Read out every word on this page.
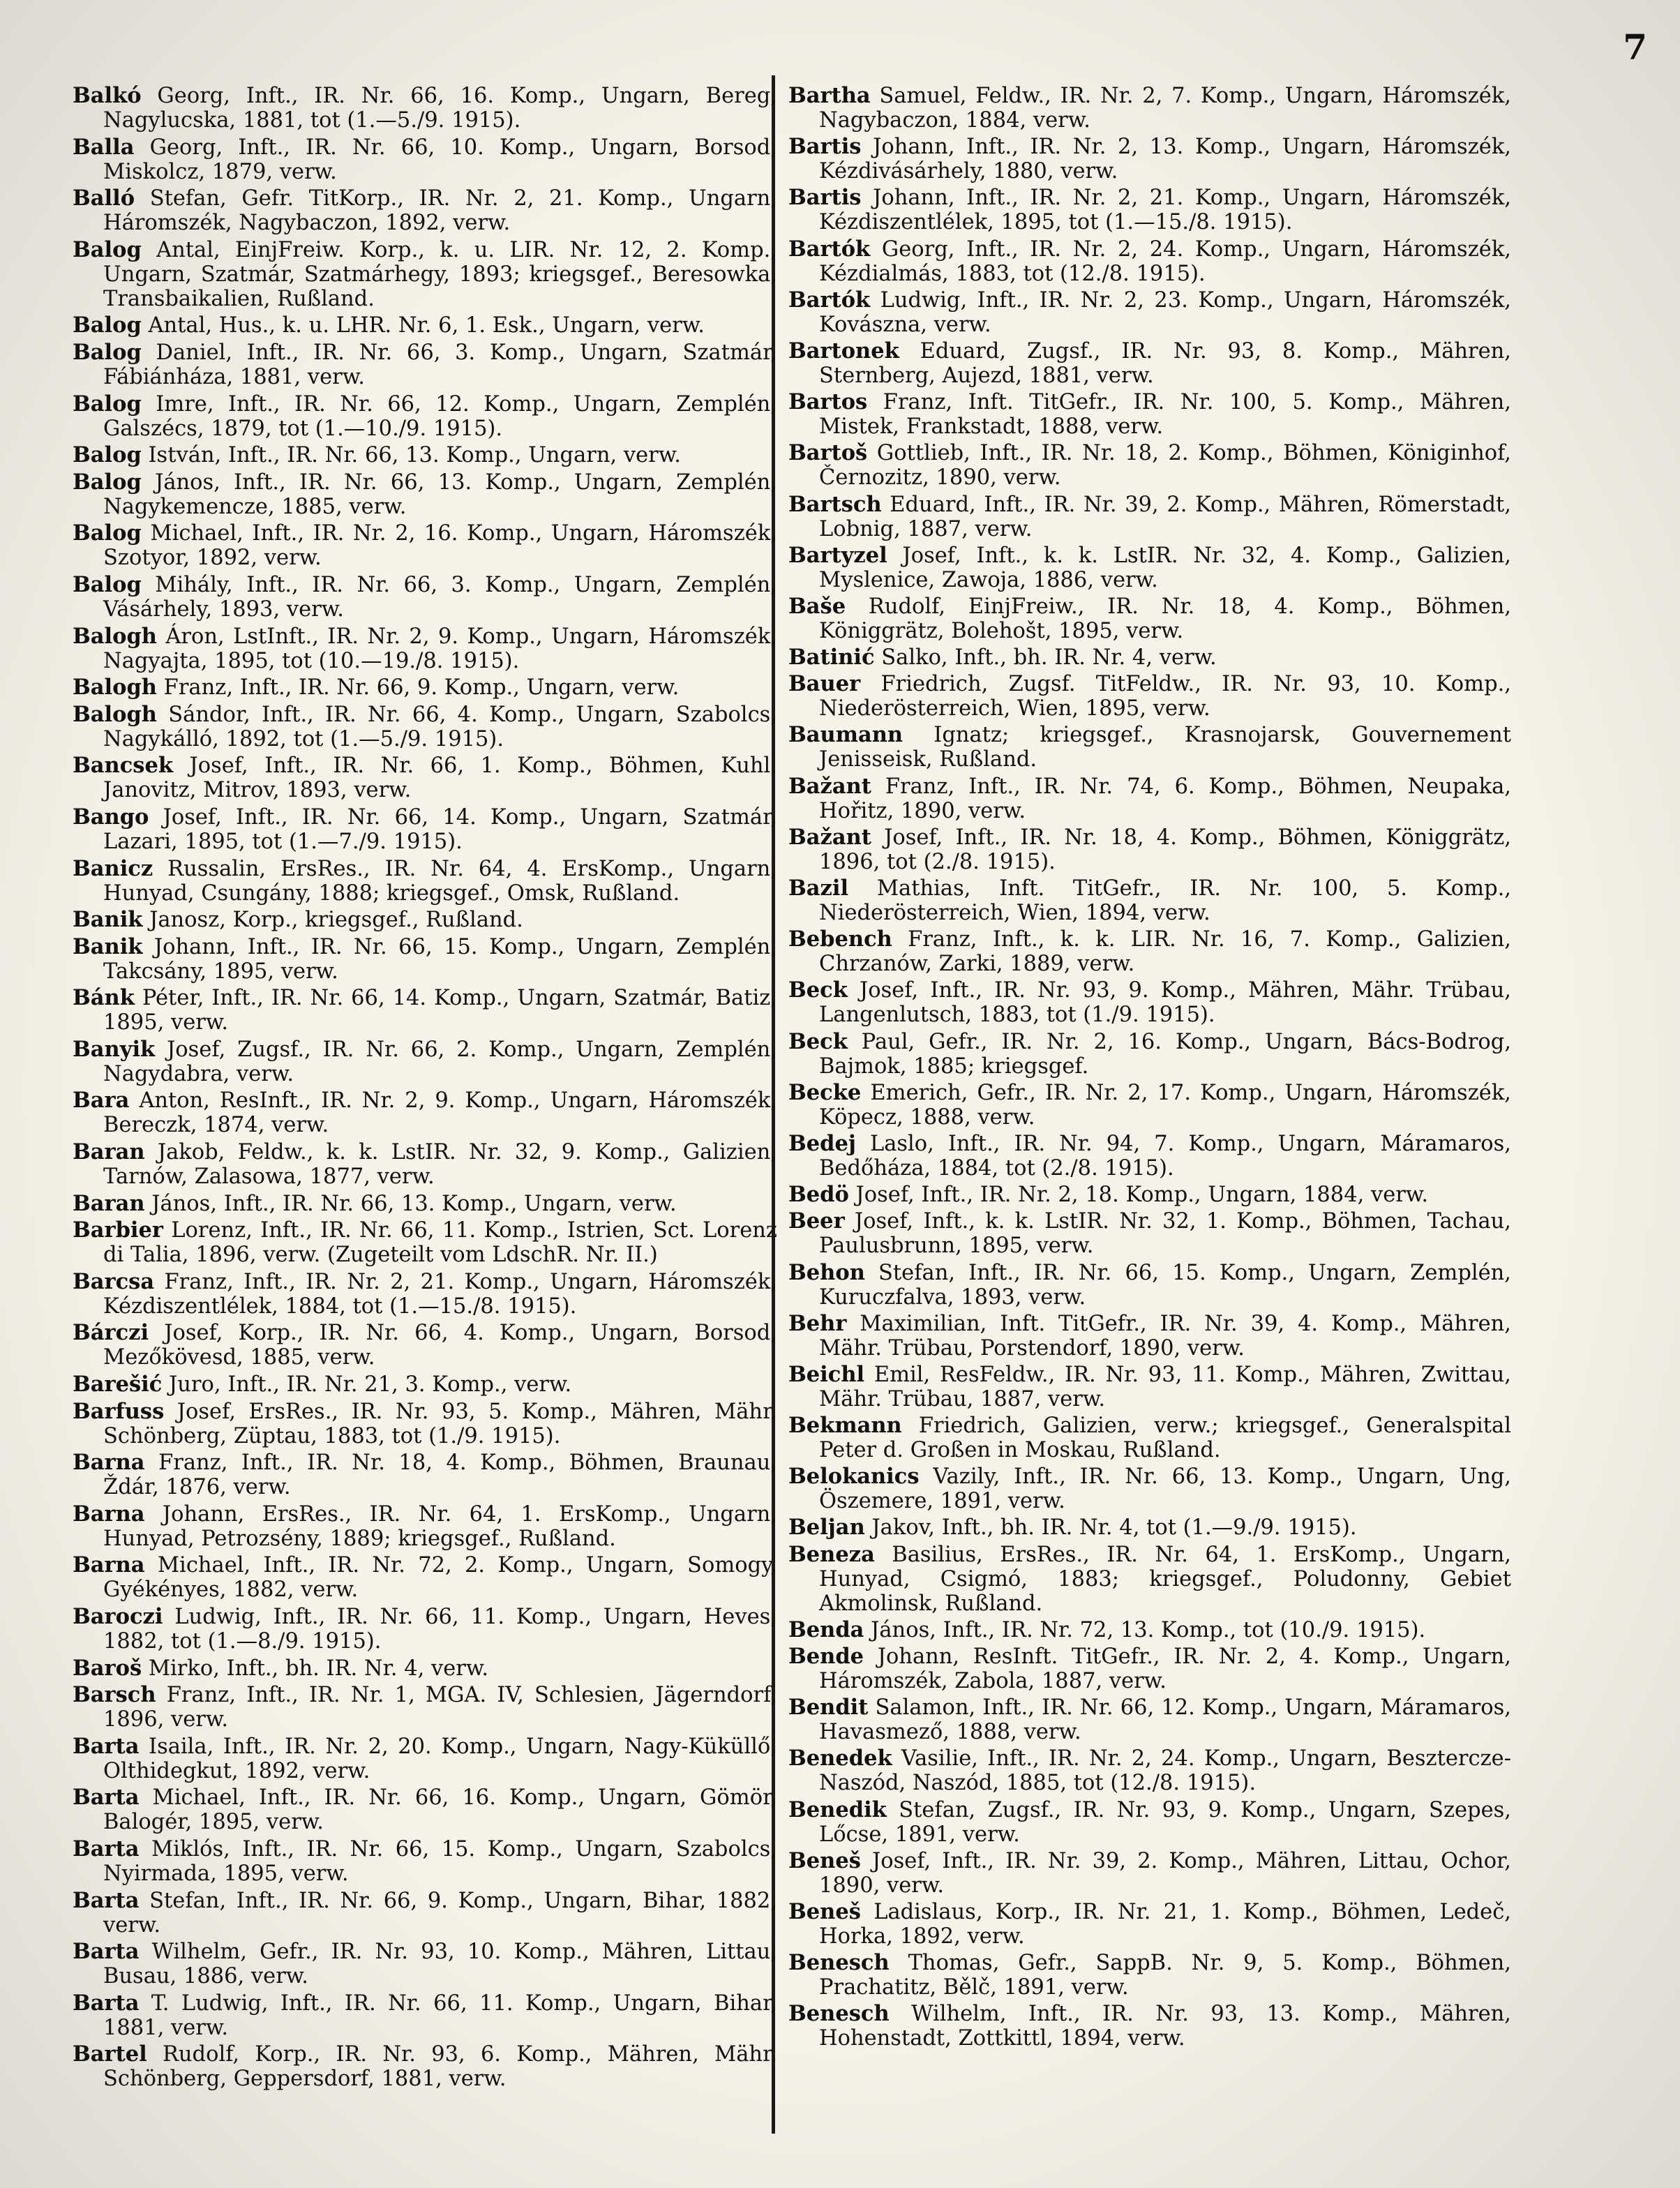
7

Balkó Georg, Inft., IR. Nr. 66, 16. Komp., Ungarn, Bereg, Nagylucska, 1881, tot (1.—5./9. 1915).

Balla Georg, Inft., IR. Nr. 66, 10. Komp., Ungarn, Borsod, Miskolcz, 1879, verw.

Balló Stefan, Gefr. TitKorp., IR. Nr. 2, 21. Komp., Ungarn, Háromszék, Nagybaczon, 1892, verw.

Balog Antal, EinjFreiw. Korp., k. u. LIR. Nr. 12, 2. Komp., Ungarn, Szatmár, Szatmárhegy, 1893; kriegsgef., Beresowka, Transbaikalien, Rußland.

Balog Antal, Hus., k. u. LHR. Nr. 6, 1. Esk., Ungarn, verw.

Balog Daniel, Inft., IR. Nr. 66, 3. Komp., Ungarn, Szatmár, Fábiánháza, 1881, verw.

Balog Imre, Inft., IR. Nr. 66, 12. Komp., Ungarn, Zemplén, Galszécs, 1879, tot (1.—10./9. 1915).

Balog István, Inft., IR. Nr. 66, 13. Komp., Ungarn, verw.

Balog János, Inft., IR. Nr. 66, 13. Komp., Ungarn, Zemplén, Nagykemencze, 1885, verw.

Balog Michael, Inft., IR. Nr. 2, 16. Komp., Ungarn, Háromszék, Szotyor, 1892, verw.

Balog Mihály, Inft., IR. Nr. 66, 3. Komp., Ungarn, Zemplén, Vásárhely, 1893, verw.

Balogh Áron, LstInft., IR. Nr. 2, 9. Komp., Ungarn, Háromszék, Nagyajta, 1895, tot (10.—19./8. 1915).

Balogh Franz, Inft., IR. Nr. 66, 9. Komp., Ungarn, verw.

Balogh Sándor, Inft., IR. Nr. 66, 4. Komp., Ungarn, Szabolcs, Nagykálló, 1892, tot (1.—5./9. 1915).

Bancsek Josef, Inft., IR. Nr. 66, 1. Komp., Böhmen, Kuhl. Janovitz, Mitrov, 1893, verw.

Bango Josef, Inft., IR. Nr. 66, 14. Komp., Ungarn, Szatmár, Lazari, 1895, tot (1.—7./9. 1915).

Banicz Russalin, ErsRes., IR. Nr. 64, 4. ErsKomp., Ungarn, Hunyad, Csungány, 1888; kriegsgef., Omsk, Rußland.

Banik Janosz, Korp., kriegsgef., Rußland.

Banik Johann, Inft., IR. Nr. 66, 15. Komp., Ungarn, Zemplén, Takcsány, 1895, verw.

Bánk Péter, Inft., IR. Nr. 66, 14. Komp., Ungarn, Szatmár, Batiz, 1895, verw.

Banyik Josef, Zugsf., IR. Nr. 66, 2. Komp., Ungarn, Zemplén, Nagydabra, verw.

Bara Anton, ResInft., IR. Nr. 2, 9. Komp., Ungarn, Háromszék, Bereczk, 1874, verw.

Baran Jakob, Feldw., k. k. LstIR. Nr. 32, 9. Komp., Galizien, Tarnów, Zalasowa, 1877, verw.

Baran János, Inft., IR. Nr. 66, 13. Komp., Ungarn, verw.

Barbier Lorenz, Inft., IR. Nr. 66, 11. Komp., Istrien, Sct. Lorenz di Talia, 1896, verw. (Zugeteilt vom LdschR. Nr. II.)

Barcsa Franz, Inft., IR. Nr. 2, 21. Komp., Ungarn, Háromszék, Kézdiszentlélek, 1884, tot (1.—15./8. 1915).

Bárczi Josef, Korp., IR. Nr. 66, 4. Komp., Ungarn, Borsod, Mezőkövesd, 1885, verw.

Barešić Juro, Inft., IR. Nr. 21, 3. Komp., verw.

Barfuss Josef, ErsRes., IR. Nr. 93, 5. Komp., Mähren, Mähr. Schönberg, Züptau, 1883, tot (1./9. 1915).

Barna Franz, Inft., IR. Nr. 18, 4. Komp., Böhmen, Braunau, Ždár, 1876, verw.

Barna Johann, ErsRes., IR. Nr. 64, 1. ErsKomp., Ungarn, Hunyad, Petrozsény, 1889; kriegsgef., Rußland.

Barna Michael, Inft., IR. Nr. 72, 2. Komp., Ungarn, Somogy, Gyékényes, 1882, verw.

Baroczi Ludwig, Inft., IR. Nr. 66, 11. Komp., Ungarn, Heves, 1882, tot (1.—8./9. 1915).

Baroš Mirko, Inft., bh. IR. Nr. 4, verw.

Barsch Franz, Inft., IR. Nr. 1, MGA. IV, Schlesien, Jägerndorf, 1896, verw.

Barta Isaila, Inft., IR. Nr. 2, 20. Komp., Ungarn, Nagy-Küküllő, Olthidegkut, 1892, verw.

Barta Michael, Inft., IR. Nr. 66, 16. Komp., Ungarn, Gömör, Balogér, 1895, verw.

Barta Miklós, Inft., IR. Nr. 66, 15. Komp., Ungarn, Szabolcs, Nyirmada, 1895, verw.

Barta Stefan, Inft., IR. Nr. 66, 9. Komp., Ungarn, Bihar, 1882, verw.

Barta Wilhelm, Gefr., IR. Nr. 93, 10. Komp., Mähren, Littau, Busau, 1886, verw.

Barta T. Ludwig, Inft., IR. Nr. 66, 11. Komp., Ungarn, Bihar, 1881, verw.

Bartel Rudolf, Korp., IR. Nr. 93, 6. Komp., Mähren, Mähr. Schönberg, Geppersdorf, 1881, verw.

Bartha Samuel, Feldw., IR. Nr. 2, 7. Komp., Ungarn, Háromszék, Nagybaczon, 1884, verw.

Bartis Johann, Inft., IR. Nr. 2, 13. Komp., Ungarn, Háromszék, Kézdivásárhely, 1880, verw.

Bartis Johann, Inft., IR. Nr. 2, 21. Komp., Ungarn, Háromszék, Kézdiszentlélek, 1895, tot (1.—15./8. 1915).

Bartók Georg, Inft., IR. Nr. 2, 24. Komp., Ungarn, Háromszék, Kézdialmás, 1883, tot (12./8. 1915).

Bartók Ludwig, Inft., IR. Nr. 2, 23. Komp., Ungarn, Háromszék, Kovászna, verw.

Bartonek Eduard, Zugsf., IR. Nr. 93, 8. Komp., Mähren, Sternberg, Aujezd, 1881, verw.

Bartos Franz, Inft. TitGefr., IR. Nr. 100, 5. Komp., Mähren, Mistek, Frankstadt, 1888, verw.

Bartoš Gottlieb, Inft., IR. Nr. 18, 2. Komp., Böhmen, Königinhof, Černozitz, 1890, verw.

Bartsch Eduard, Inft., IR. Nr. 39, 2. Komp., Mähren, Römerstadt, Lobnig, 1887, verw.

Bartyzel Josef, Inft., k. k. LstIR. Nr. 32, 4. Komp., Galizien, Myslenice, Zawoja, 1886, verw.

Baše Rudolf, EinjFreiw., IR. Nr. 18, 4. Komp., Böhmen, Königgrätz, Bolehošt, 1895, verw.

Batinić Salko, Inft., bh. IR. Nr. 4, verw.

Bauer Friedrich, Zugsf. TitFeldw., IR. Nr. 93, 10. Komp., Niederösterreich, Wien, 1895, verw.

Baumann Ignatz; kriegsgef., Krasnojarsk, Gouvernement Jenisseisk, Rußland.

Bažant Franz, Inft., IR. Nr. 74, 6. Komp., Böhmen, Neupaka, Hořitz, 1890, verw.

Bažant Josef, Inft., IR. Nr. 18, 4. Komp., Böhmen, Königgrätz, 1896, tot (2./8. 1915).

Bazil Mathias, Inft. TitGefr., IR. Nr. 100, 5. Komp., Niederösterreich, Wien, 1894, verw.

Bebench Franz, Inft., k. k. LIR. Nr. 16, 7. Komp., Galizien, Chrzanów, Zarki, 1889, verw.

Beck Josef, Inft., IR. Nr. 93, 9. Komp., Mähren, Mähr. Trübau, Langenlutsch, 1883, tot (1./9. 1915).

Beck Paul, Gefr., IR. Nr. 2, 16. Komp., Ungarn, Bács-Bodrog, Bajmok, 1885; kriegsgef.

Becke Emerich, Gefr., IR. Nr. 2, 17. Komp., Ungarn, Háromszék, Köpecz, 1888, verw.

Bedej Laslo, Inft., IR. Nr. 94, 7. Komp., Ungarn, Máramaros, Bedőháza, 1884, tot (2./8. 1915).

Bedö Josef, Inft., IR. Nr. 2, 18. Komp., Ungarn, 1884, verw.

Beer Josef, Inft., k. k. LstIR. Nr. 32, 1. Komp., Böhmen, Tachau, Paulusbrunn, 1895, verw.

Behon Stefan, Inft., IR. Nr. 66, 15. Komp., Ungarn, Zemplén, Kuruczfalva, 1893, verw.

Behr Maximilian, Inft. TitGefr., IR. Nr. 39, 4. Komp., Mähren, Mähr. Trübau, Porstendorf, 1890, verw.

Beichl Emil, ResFeldw., IR. Nr. 93, 11. Komp., Mähren, Zwittau, Mähr. Trübau, 1887, verw.

Bekmann Friedrich, Galizien, verw.; kriegsgef., Generalspital Peter d. Großen in Moskau, Rußland.

Belokanics Vazily, Inft., IR. Nr. 66, 13. Komp., Ungarn, Ung, Öszemere, 1891, verw.

Beljan Jakov, Inft., bh. IR. Nr. 4, tot (1.—9./9. 1915).

Beneza Basilius, ErsRes., IR. Nr. 64, 1. ErsKomp., Ungarn, Hunyad, Csigmó, 1883; kriegsgef., Poludonny, Gebiet Akmolinsk, Rußland.

Benda János, Inft., IR. Nr. 72, 13. Komp., tot (10./9. 1915).

Bende Johann, ResInft. TitGefr., IR. Nr. 2, 4. Komp., Ungarn, Háromszék, Zabola, 1887, verw.

Bendit Salamon, Inft., IR. Nr. 66, 12. Komp., Ungarn, Máramaros, Havasmező, 1888, verw.

Benedek Vasilie, Inft., IR. Nr. 2, 24. Komp., Ungarn, Besztercze-Naszód, Naszód, 1885, tot (12./8. 1915).

Benedik Stefan, Zugsf., IR. Nr. 93, 9. Komp., Ungarn, Szepes, Lőcse, 1891, verw.

Beneš Josef, Inft., IR. Nr. 39, 2. Komp., Mähren, Littau, Ochor, 1890, verw.

Beneš Ladislaus, Korp., IR. Nr. 21, 1. Komp., Böhmen, Ledeč, Horka, 1892, verw.

Benesch Thomas, Gefr., SappB. Nr. 9, 5. Komp., Böhmen, Prachatitz, Bělč, 1891, verw.

Benesch Wilhelm, Inft., IR. Nr. 93, 13. Komp., Mähren, Hohenstadt, Zottkittl, 1894, verw.
